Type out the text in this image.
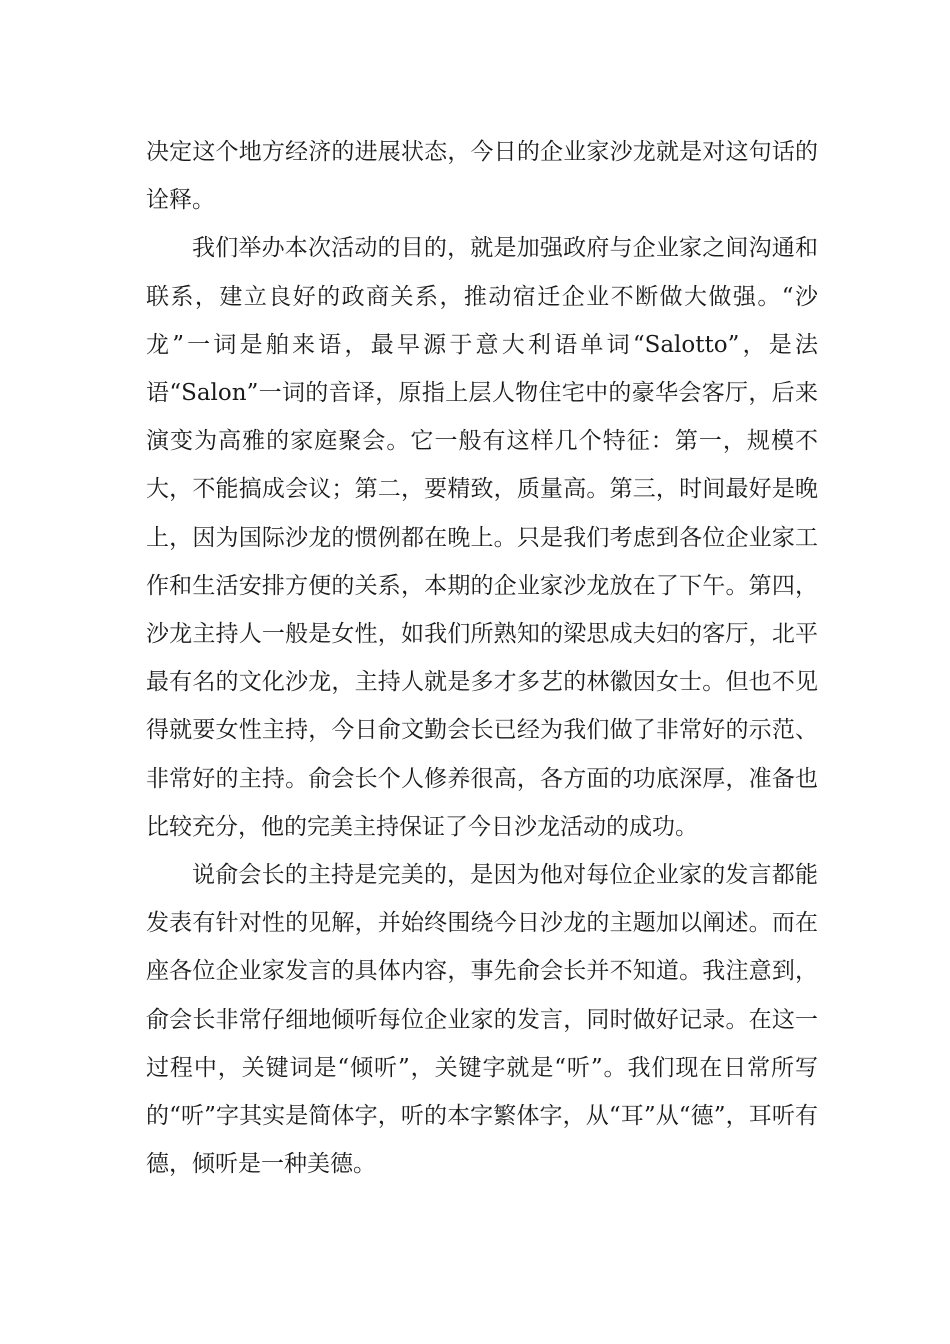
决定这个地方经济的进展状态，今日的企业家沙龙就是对这句话的诠释。

我们举办本次活动的目的，就是加强政府与企业家之间沟通和联系，建立良好的政商关系，推动宿迁企业不断做大做强。“沙龙”一词是舶来语，最早源于意大利语单词“Salotto”，是法语“Salon”一词的音译，原指上层人物住宅中的豪华会客厅，后来演变为高雅的家庭聚会。它一般有这样几个特征：第一，规模不大，不能搞成会议；第二，要精致，质量高。第三，时间最好是晚上，因为国际沙龙的惯例都在晚上。只是我们考虑到各位企业家工作和生活安排方便的关系，本期的企业家沙龙放在了下午。第四，沙龙主持人一般是女性，如我们所熟知的梁思成夫妇的客厅，北平最有名的文化沙龙，主持人就是多才多艺的林徽因女士。但也不见得就要女性主持，今日俞文勤会长已经为我们做了非常好的示范、非常好的主持。俞会长个人修养很高，各方面的功底深厚，准备也比较充分，他的完美主持保证了今日沙龙活动的成功。

说俞会长的主持是完美的，是因为他对每位企业家的发言都能发表有针对性的见解，并始终围绕今日沙龙的主题加以阐述。而在座各位企业家发言的具体内容，事先俞会长并不知道。我注意到，俞会长非常仔细地倾听每位企业家的发言，同时做好记录。在这一过程中，关键词是“倾听”，关键字就是“听”。我们现在日常所写的“听”字其实是简体字，听的本字繁体字，从“耳”从“德”，耳听有德，倾听是一种美德。
